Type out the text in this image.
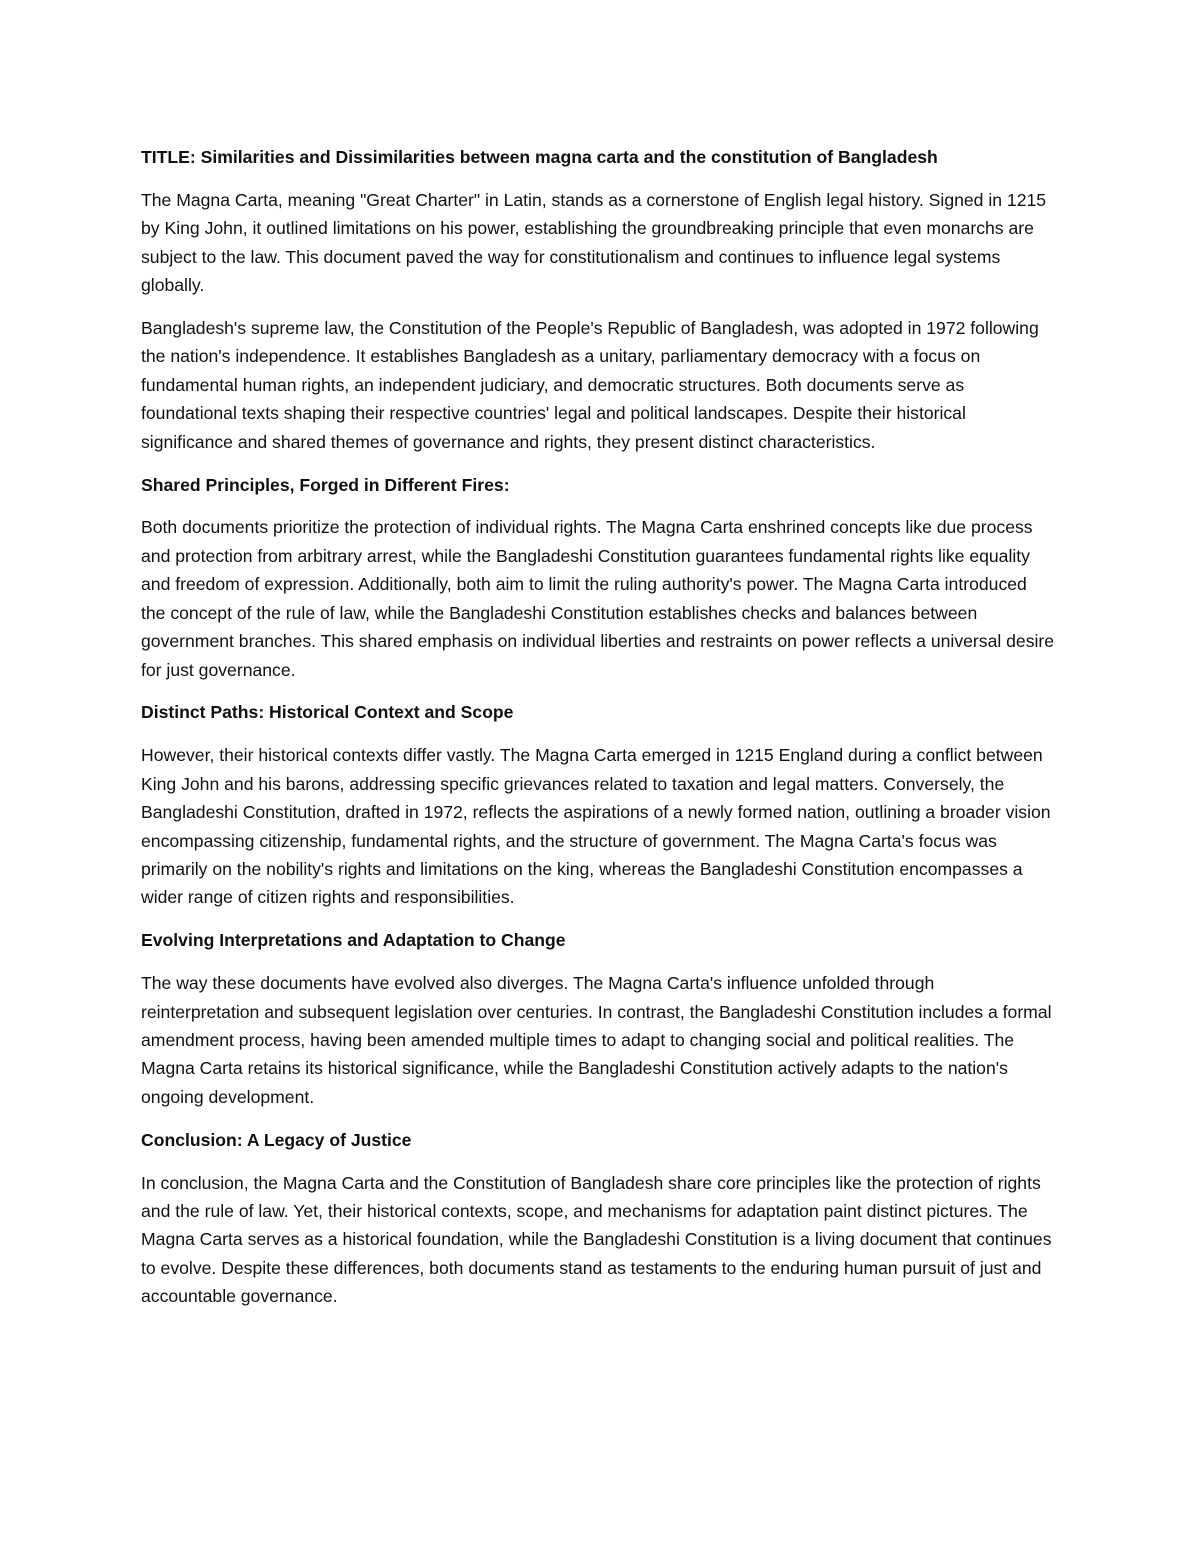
TITLE: Similarities and Dissimilarities between magna carta and the constitution of Bangladesh

The Magna Carta, meaning "Great Charter" in Latin, stands as a cornerstone of English legal history. Signed in 1215 by King John, it outlined limitations on his power, establishing the groundbreaking principle that even monarchs are subject to the law. This document paved the way for constitutionalism and continues to influence legal systems globally.

Bangladesh's supreme law, the Constitution of the People's Republic of Bangladesh, was adopted in 1972 following the nation's independence. It establishes Bangladesh as a unitary, parliamentary democracy with a focus on fundamental human rights, an independent judiciary, and democratic structures. Both documents serve as foundational texts shaping their respective countries' legal and political landscapes. Despite their historical significance and shared themes of governance and rights, they present distinct characteristics.

Shared Principles, Forged in Different Fires:

Both documents prioritize the protection of individual rights. The Magna Carta enshrined concepts like due process and protection from arbitrary arrest, while the Bangladeshi Constitution guarantees fundamental rights like equality and freedom of expression. Additionally, both aim to limit the ruling authority's power. The Magna Carta introduced the concept of the rule of law, while the Bangladeshi Constitution establishes checks and balances between government branches. This shared emphasis on individual liberties and restraints on power reflects a universal desire for just governance.

Distinct Paths: Historical Context and Scope

However, their historical contexts differ vastly. The Magna Carta emerged in 1215 England during a conflict between King John and his barons, addressing specific grievances related to taxation and legal matters. Conversely, the Bangladeshi Constitution, drafted in 1972, reflects the aspirations of a newly formed nation, outlining a broader vision encompassing citizenship, fundamental rights, and the structure of government. The Magna Carta's focus was primarily on the nobility's rights and limitations on the king, whereas the Bangladeshi Constitution encompasses a wider range of citizen rights and responsibilities.

Evolving Interpretations and Adaptation to Change

The way these documents have evolved also diverges. The Magna Carta's influence unfolded through reinterpretation and subsequent legislation over centuries. In contrast, the Bangladeshi Constitution includes a formal amendment process, having been amended multiple times to adapt to changing social and political realities. The Magna Carta retains its historical significance, while the Bangladeshi Constitution actively adapts to the nation's ongoing development.

Conclusion: A Legacy of Justice

In conclusion, the Magna Carta and the Constitution of Bangladesh share core principles like the protection of rights and the rule of law. Yet, their historical contexts, scope, and mechanisms for adaptation paint distinct pictures. The Magna Carta serves as a historical foundation, while the Bangladeshi Constitution is a living document that continues to evolve. Despite these differences, both documents stand as testaments to the enduring human pursuit of just and accountable governance.
